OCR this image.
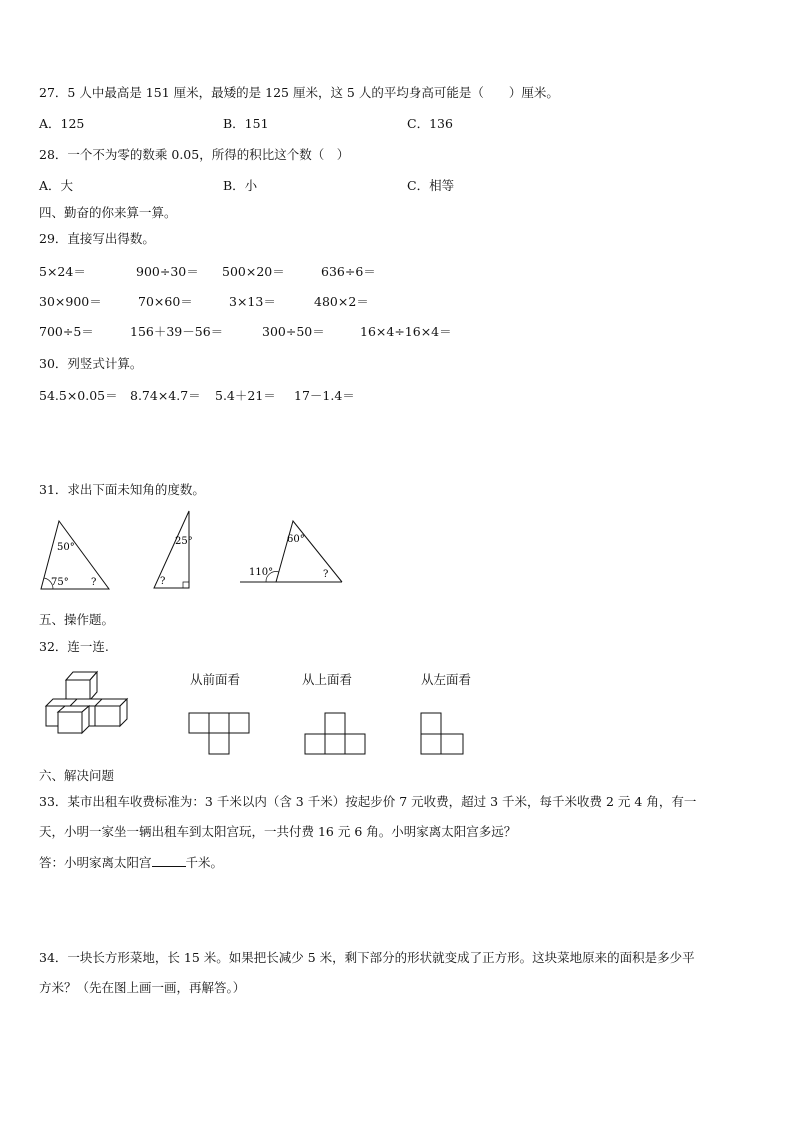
27．5 人中最高是 151 厘米，最矮的是 125 厘米，这 5 人的平均身高可能是（　　）厘米。
A．125	B．151	C．136
28．一个不为零的数乘 0.05，所得的积比这个数（　）
A．大	B．小	C．相等
四、勤奋的你来算一算。
29．直接写出得数。
5×24＝	900÷30＝ 500×20＝	636÷6＝
30×900＝	70×60＝	3×13＝	480×2＝
700÷5＝	156＋39－56＝	300÷50＝	16×4÷16×4＝
30．列竖式计算。
54.5×0.05＝ 8.74×4.7＝ 5.4＋21＝ 17－1.4＝
31．求出下面未知角的度数。
50°
75° ?
25°
?
60°
110°	?
五、操作题。
32．连一连.
从前面看	从上面看	从左面看
六、解决问题
33．某市出租车收费标准为：3 千米以内（含 3 千米）按起步价 7 元收费，超过 3 千米，每千米收费 2 元 4 角，有一
天，小明一家坐一辆出租车到太阳宫玩，一共付费 16 元 6 角。小明家离太阳宫多远？
答：小明家离太阳宫	千米。
34．一块长方形菜地，长 15 米。如果把长减少 5 米，剩下部分的形状就变成了正方形。这块菜地原来的面积是多少平
方米？（先在图上画一画，再解答。）
